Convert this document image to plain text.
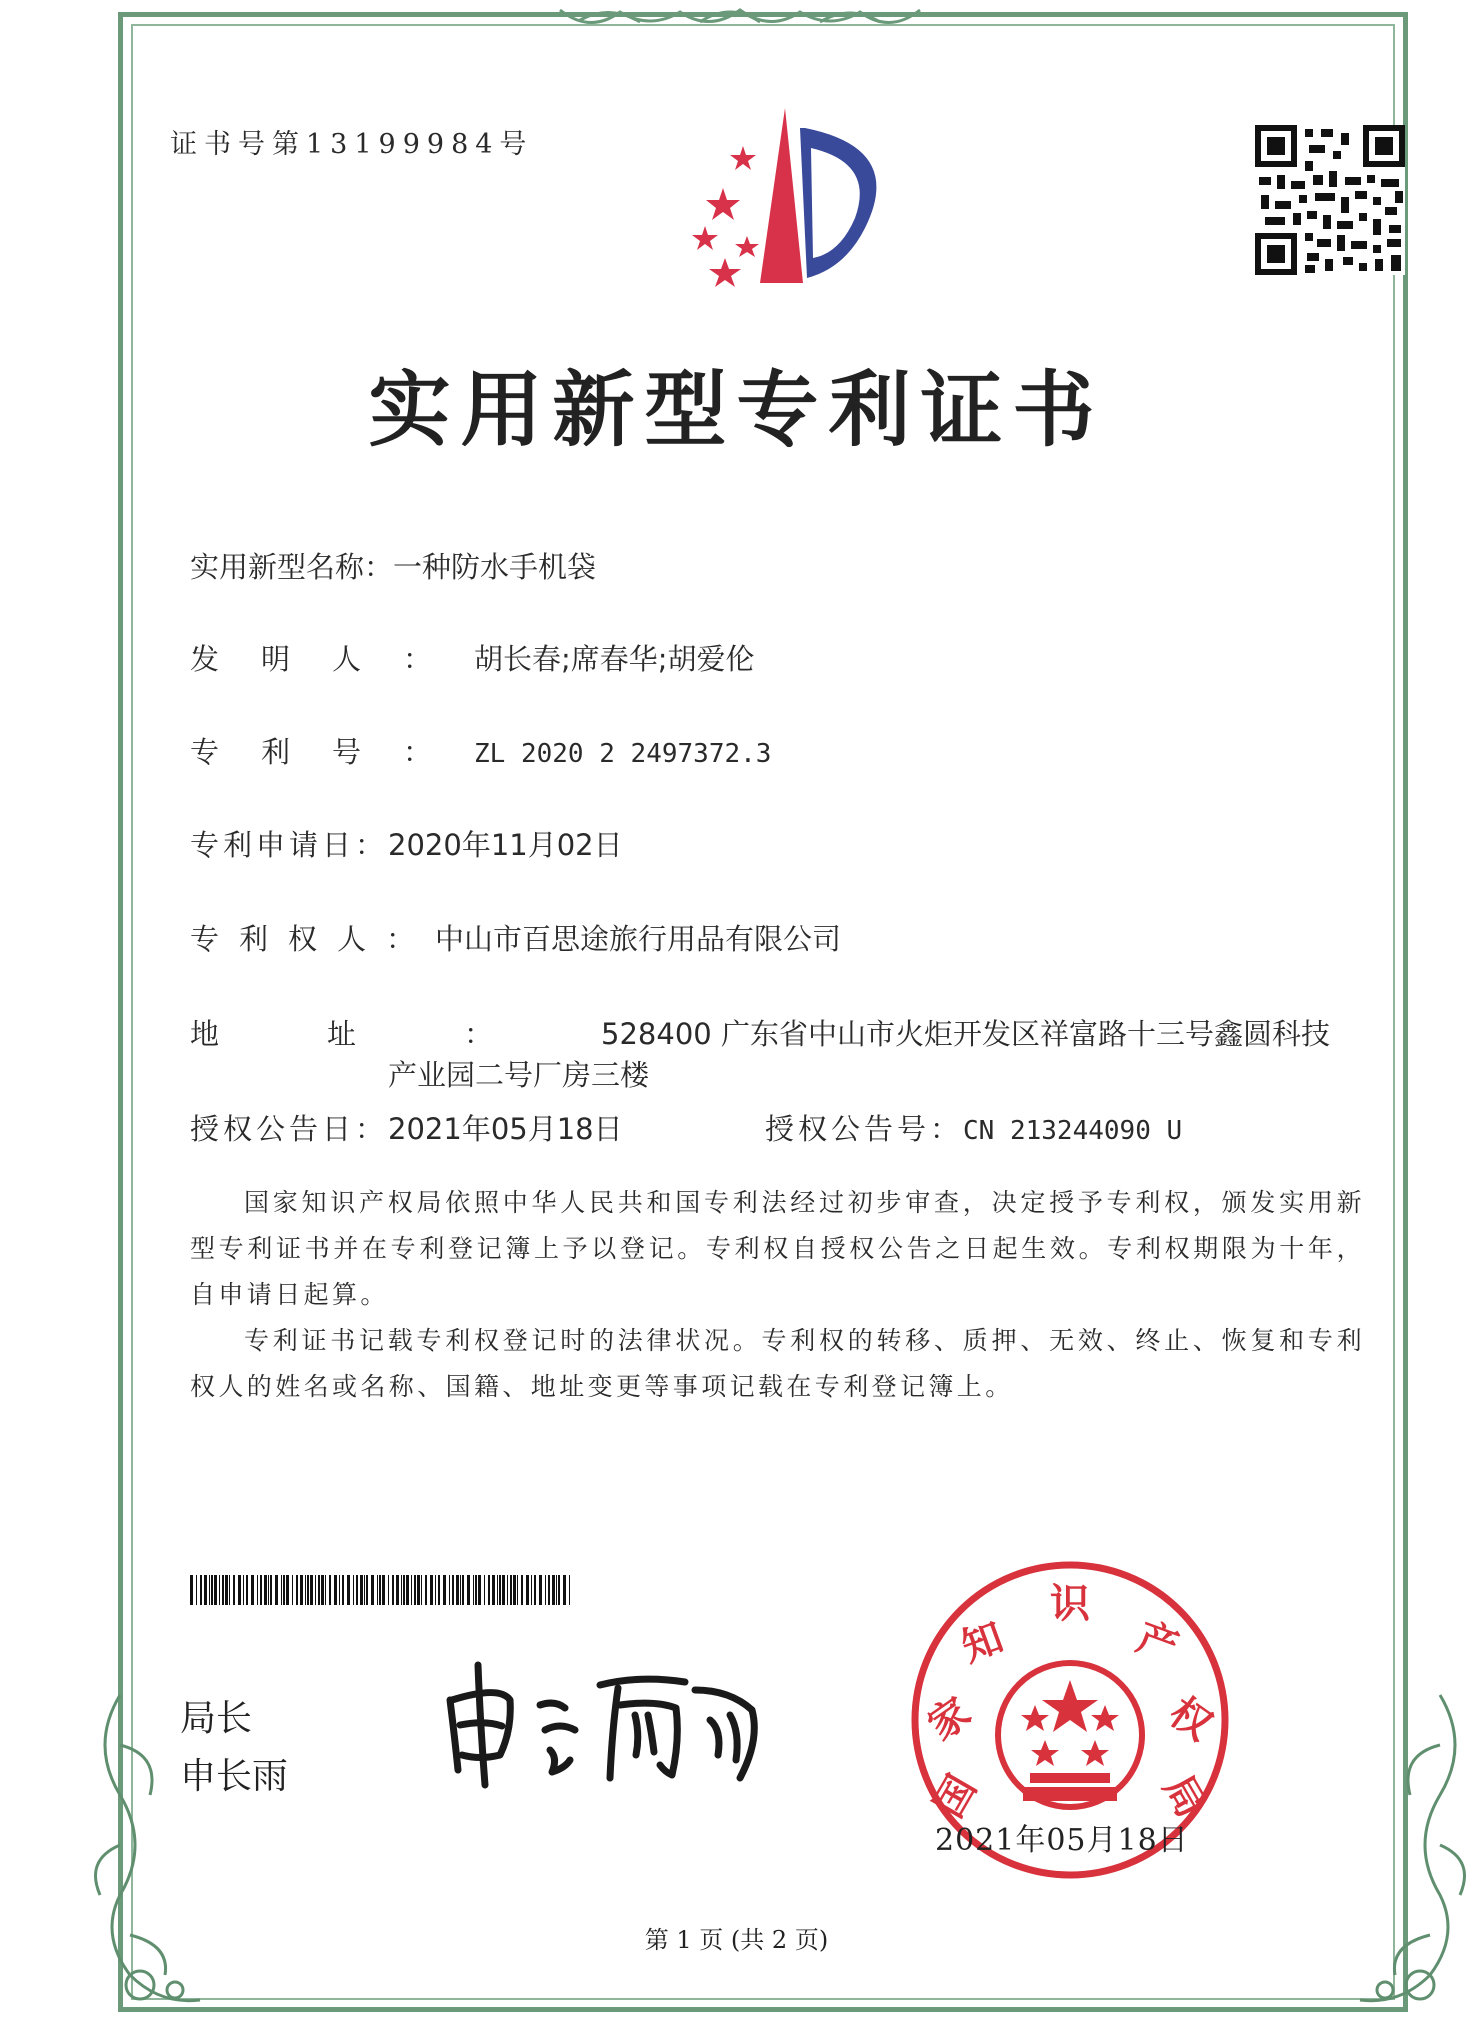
证书号第13199984号
实用新型专利证书
实用新型名称：一种防水手机袋
发明人：胡长春;席春华;胡爱伦
专利号：ZL 2020 2 2497372.3
专利申请日：2020年11月02日
专利权人：中山市百思途旅行用品有限公司
地址：528400 广东省中山市火炬开发区祥富路十三号鑫圆科技
产业园二号厂房三楼
授权公告日：2021年05月18日	授权公告号：CN 213244090 U

国家知识产权局依照中华人民共和国专利法经过初步审查，决定授予专利权，颁发实用新型专利证书并在专利登记簿上予以登记。专利权自授权公告之日起生效。专利权期限为十年，自申请日起算。

专利证书记载专利权登记时的法律状况。专利权的转移、质押、无效、终止、恢复和专利权人的姓名或名称、国籍、地址变更等事项记载在专利登记簿上。

局长
申长雨	国
家
知
识
产
权
局
2021年05月18日
第 1 页 (共 2 页)
